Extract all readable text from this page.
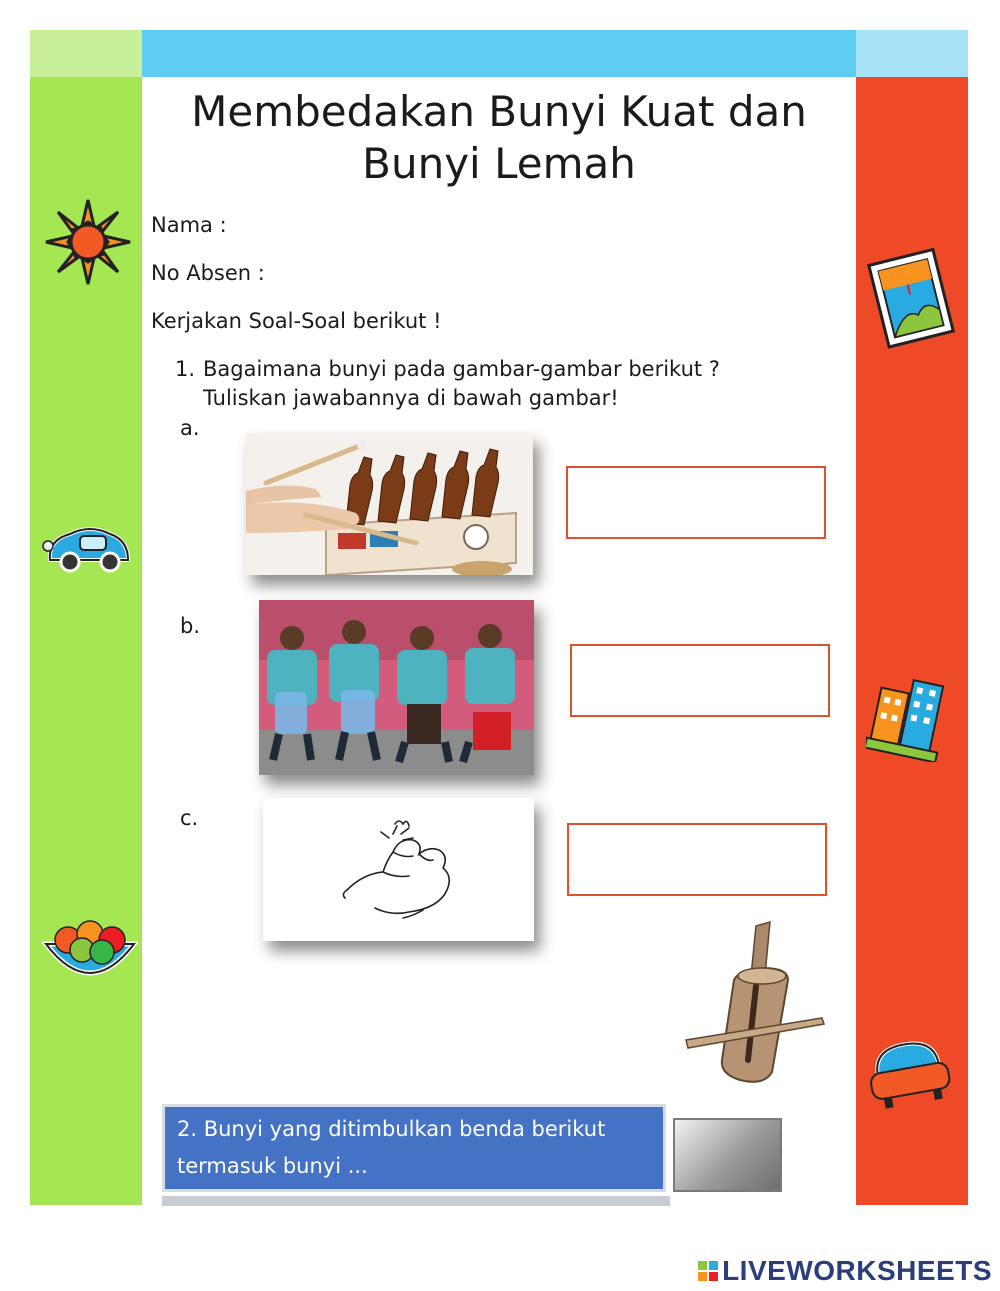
Membedakan Bunyi Kuat dan
Bunyi Lemah
Nama :
No Absen :
Kerjakan Soal-Soal berikut !
1. Bagaimana bunyi pada gambar-gambar berikut ?
Tuliskan jawabannya di bawah gambar!
a.
b.
c.
2. Bunyi yang ditimbulkan benda berikut
termasuk bunyi ...
LIVEWORKSHEETS
